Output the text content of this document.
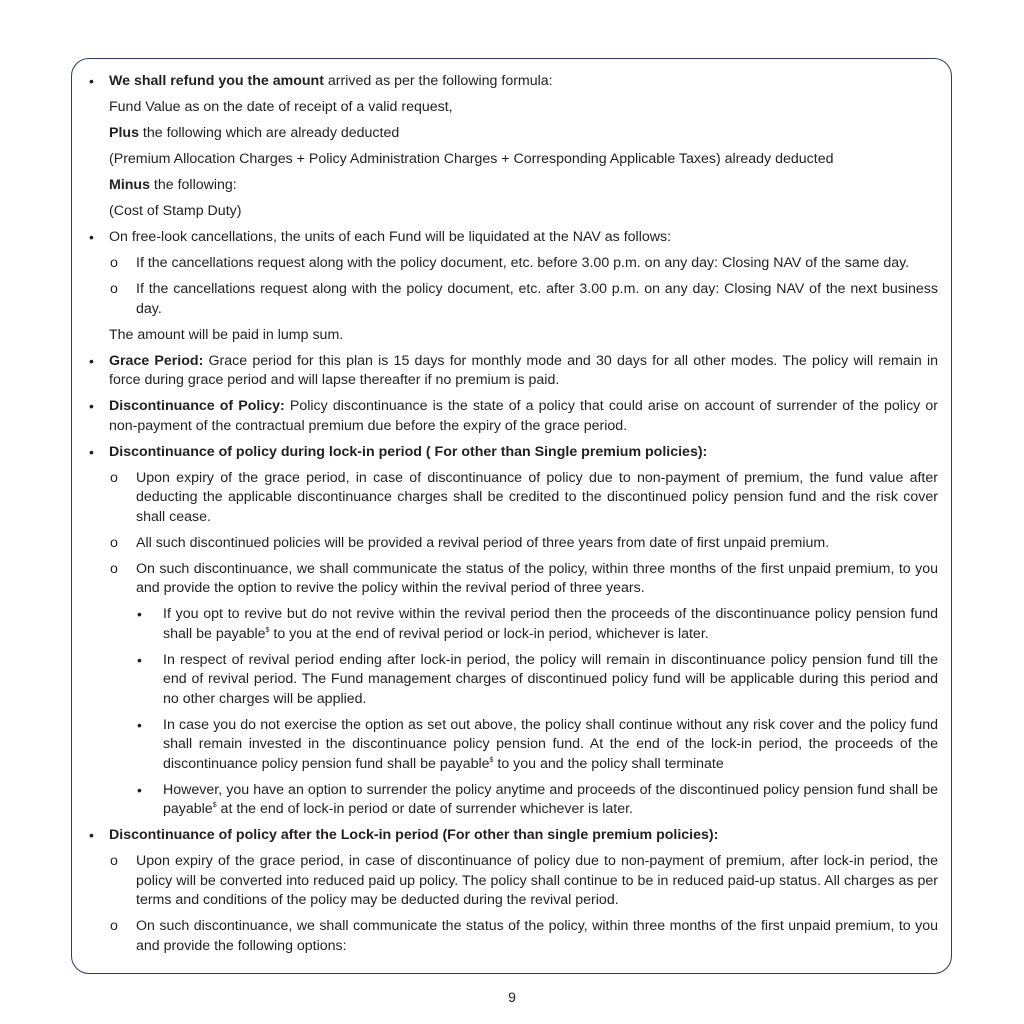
• We shall refund you the amount arrived as per the following formula:
Fund Value as on the date of receipt of a valid request,
Plus the following which are already deducted
(Premium Allocation Charges + Policy Administration Charges + Corresponding Applicable Taxes) already deducted
Minus the following:
(Cost of Stamp Duty)
• On free-look cancellations, the units of each Fund will be liquidated at the NAV as follows:
o If the cancellations request along with the policy document, etc. before 3.00 p.m. on any day: Closing NAV of the same day.
o If the cancellations request along with the policy document, etc. after 3.00 p.m. on any day: Closing NAV of the next business day.
The amount will be paid in lump sum.
• Grace Period: Grace period for this plan is 15 days for monthly mode and 30 days for all other modes. The policy will remain in force during grace period and will lapse thereafter if no premium is paid.
• Discontinuance of Policy: Policy discontinuance is the state of a policy that could arise on account of surrender of the policy or non-payment of the contractual premium due before the expiry of the grace period.
• Discontinuance of policy during lock-in period ( For other than Single premium policies):
o Upon expiry of the grace period, in case of discontinuance of policy due to non-payment of premium, the fund value after deducting the applicable discontinuance charges shall be credited to the discontinued policy pension fund and the risk cover shall cease.
o All such discontinued policies will be provided a revival period of three years from date of first unpaid premium.
o On such discontinuance, we shall communicate the status of the policy, within three months of the first unpaid premium, to you and provide the option to revive the policy within the revival period of three years.
• If you opt to revive but do not revive within the revival period then the proceeds of the discontinuance policy pension fund shall be payable$ to you at the end of revival period or lock-in period, whichever is later.
• In respect of revival period ending after lock-in period, the policy will remain in discontinuance policy pension fund till the end of revival period. The Fund management charges of discontinued policy fund will be applicable during this period and no other charges will be applied.
• In case you do not exercise the option as set out above, the policy shall continue without any risk cover and the policy fund shall remain invested in the discontinuance policy pension fund. At the end of the lock-in period, the proceeds of the discontinuance policy pension fund shall be payable$ to you and the policy shall terminate
• However, you have an option to surrender the policy anytime and proceeds of the discontinued policy pension fund shall be payable$ at the end of lock-in period or date of surrender whichever is later.
• Discontinuance of policy after the Lock-in period (For other than single premium policies):
o Upon expiry of the grace period, in case of discontinuance of policy due to non-payment of premium, after lock-in period, the policy will be converted into reduced paid up policy. The policy shall continue to be in reduced paid-up status. All charges as per terms and conditions of the policy may be deducted during the revival period.
o On such discontinuance, we shall communicate the status of the policy, within three months of the first unpaid premium, to you and provide the following options:
9
